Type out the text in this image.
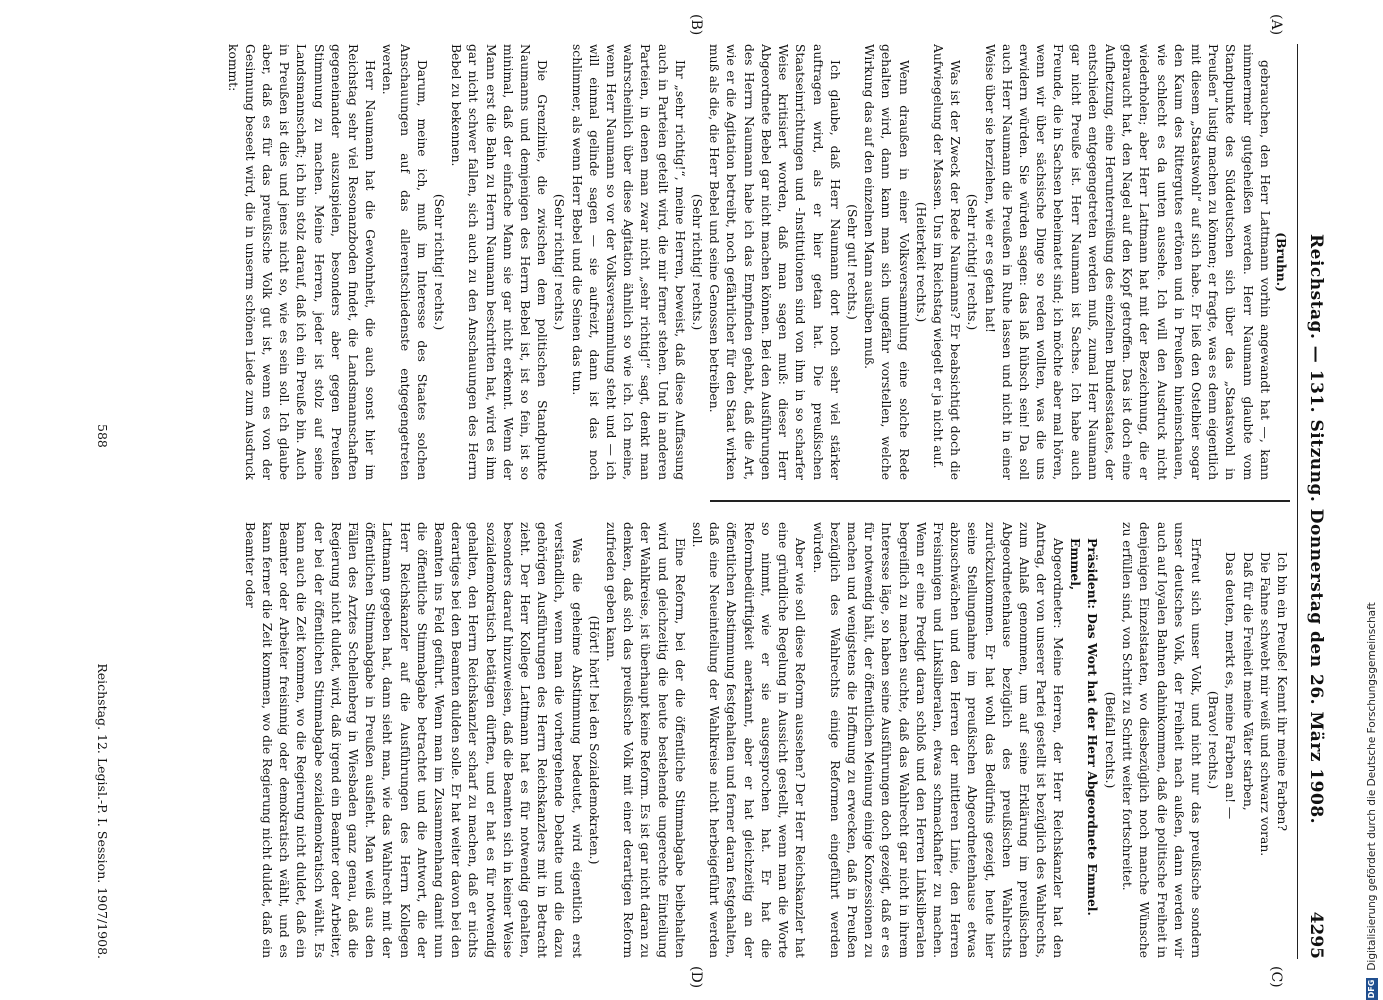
Reichstag. — 131. Sitzung. Donnerstag den 26. März 1908.
4295
(A)
(B)
(C)
(D)

(Bruhn.)

gebrauchen, den Herr Lattmann vorhin angewandt hat —, kann nimmermehr gutgeheißen werden. Herr Naumann glaubte vom Standpunkte des Süddeutschen sich über das „Staatswohl in Preußen“ lustig machen zu können; er fragte, was es denn eigentlich mit diesem „Staatswohl“ auf sich habe. Er ließ den Ostelbier sogar den Kaum des Rittergutes ertönen und in Preußen hineinschauen, wie schlecht es da unten aussehe. Ich will den Ausdruck nicht wiederholen; aber Herr Lattmann hat mit der Bezeichnung, die er gebraucht hat, den Nagel auf den Kopf getroffen. Das ist doch eine Aufhetzung, eine Herunterreißung des einzelnen Bundesstaates, der entschieden entgegengetreten werden muß, zumal Herr Naumann gar nicht Preuße ist. Herr Naumann ist Sachse. Ich habe auch Freunde, die in Sachsen beheimatet sind; ich möchte aber mal hören, wenn wir über sächsische Dinge so reden wollten, was die uns erwidern würden. Sie würden sagen: das laß hübsch sein! Da soll auch Herr Naumann die Preußen in Ruhe lassen und nicht in einer Weise über sie herziehen, wie er es getan hat!

(Sehr richtig! rechts.)

Was ist der Zweck der Rede Naumanns? Er beabsichtigt doch die Aufwiegelung der Massen. Uns im Reichstag wiegelt er ja nicht auf.

(Heiterkeit rechts.)

Wenn draußen in einer Volksversammlung eine solche Rede gehalten wird, dann kann man sich ungefähr vorstellen, welche Wirkung das auf den einzelnen Mann ausüben muß.

(Sehr gut! rechts.)

Ich glaube, daß Herr Naumann dort noch sehr viel stärker auftragen wird, als er hier getan hat. Die preußischen Staatseinrichtungen und -Institutionen sind von ihm in so scharfer Weise kritisiert worden, daß man sagen muß: dieser Herr Abgeordnete Bebel gar nicht machen können. Bei den Ausführungen des Herrn Naumann habe ich das Empfinden gehabt, daß die Art, wie er die Agitation betreibt, noch gefährlicher für den Staat wirken muß als die, die Herr Bebel und seine Genossen betreiben.

(Sehr richtig! rechts.)

Ihr „sehr richtig!“, meine Herren, beweist, daß diese Auffassung auch in Parteien geteilt wird, die mir ferner stehen. Und in anderen Parteien, in denen man zwar nicht „sehr richtig!“ sagt, denkt man wahrscheinlich über diese Agitation ähnlich so wie ich. Ich meine, wenn Herr Naumann so vor der Volksversammlung steht und — ich will einmal gelinde sagen — sie aufreizt, dann ist das noch schlimmer, als wenn Herr Bebel und die Seinen das tun.

(Sehr richtig! rechts.)

Die Grenzlinie, die zwischen dem politischen Standpunkte Naumanns und demjenigen des Herrn Bebel ist, ist so fein, ist so minimal, daß der einfache Mann sie gar nicht erkennt. Wenn der Mann erst die Bahn zu Herrn Naumann beschritten hat, wird es ihm gar nicht schwer fallen, sich auch zu den Anschauungen des Herrn Bebel zu bekennen.

(Sehr richtig! rechts.)

Darum, meine ich, muß im Interesse des Staates solchen Anschauungen auf das allerentschiedenste entgegengetreten werden.

Herr Naumann hat die Gewohnheit, die auch sonst hier im Reichstag sehr viel Resonanzboden findet, die Landsmannschaften gegeneinander auszuspielen, besonders aber gegen Preußen Stimmung zu machen. Meine Herren, jeder ist stolz auf seine Landsmannschaft; ich bin stolz darauf, daß ich ein Preuße bin. Auch in Preußen ist dies und jenes nicht so, wie es sein soll. Ich glaube aber, daß es für das preußische Volk gut ist, wenn es von der Gesinnung beseelt wird, die in unserm schönen Liede zum Ausdruck kommt:

Ich bin ein Preuße! Kennt ihr meine Farben?

Die Fahne schwebt mir weiß und schwarz voran.

Daß für die Freiheit meine Väter starben,

Das deuten, merkt es, meine Farben an! —

(Bravo! rechts.)

Erfreut sich unser Volk, und nicht nur das preußische sondern unser deutsches Volk, der Freiheit nach außen, dann werden wir auch auf loyalen Bahnen dahinkommen, daß die politische Freiheit in denjenigen Einzelstaaten, wo diesbezüglich noch manche Wünsche zu erfüllen sind, von Schritt zu Schritt weiter fortschreitet.

(Beifall rechts.)

Präsident: Das Wort hat der Herr Abgeordnete Emmel.

Emmel,

Abgeordneter: Meine Herren, der Herr Reichskanzler hat den Antrag, der von unserer Partei gestellt ist bezüglich des Wahlrechts, zum Anlaß genommen, um auf seine Erklärung im preußischen Abgeordnetenhause bezüglich des preußischen Wahlrechts zurückzukommen. Er hat wohl das Bedürfnis gezeigt, heute hier seine Stellungnahme im preußischen Abgeordnetenhause etwas abzuschwächen und den Herren der mittleren Linie, den Herren Freisinnigen und Linksliberalen, etwas schmackhafter zu machen. Wenn er eine Predigt daran schloß und den Herren Linksliberalen begreiflich zu machen suchte, daß das Wahlrecht gar nicht in ihrem Interesse läge, so haben seine Ausführungen doch gezeigt, daß er es für notwendig hält, der öffentlichen Meinung einige Konzessionen zu machen und wenigstens die Hoffnung zu erwecken, daß in Preußen bezüglich des Wahlrechts einige Reformen eingeführt werden würden.

Aber wie soll diese Reform aussehen? Der Herr Reichskanzler hat eine gründliche Regelung in Aussicht gestellt, wenn man die Worte so nimmt, wie er sie ausgesprochen hat. Er hat die Reformbedürftigkeit anerkannt, aber er hat gleichzeitig an der öffentlichen Abstimmung festgehalten und ferner daran festgehalten, daß eine Neueinteilung der Wahlkreise nicht herbeigeführt werden soll.

Eine Reform, bei der die öffentliche Stimmabgabe beibehalten wird und gleichzeitig die heute bestehende ungerechte Einteilung der Wahlkreise, ist überhaupt keine Reform. Es ist gar nicht daran zu denken, daß sich das preußische Volk mit einer derartigen Reform zufrieden geben kann.

(Hört! hört! bei den Sozialdemokraten.)

Was die geheime Abstimmung bedeutet, wird eigentlich erst verständlich, wenn man die vorhergehende Debatte und die dazu gehörigen Ausführungen des Herrn Reichskanzlers mit in Betracht zieht. Der Herr Kollege Lattmann hat es für notwendig gehalten, besonders darauf hinzuweisen, daß die Beamten sich in keiner Weise sozialdemokratisch betätigen dürften, und er hat es für notwendig gehalten, den Herrn Reichskanzler scharf zu machen, daß er nichts derartiges bei den Beamten dulden solle. Er hat weiter davon bei den Beamten ins Feld geführt. Wenn man im Zusammenhang damit nun die öffentliche Stimmabgabe betrachtet und die Antwort, die der Herr Reichskanzler auf die Ausführungen des Herrn Kollegen Lattmann gegeben hat, dann sieht man, wie das Wahlrecht mit der öffentlichen Stimmabgabe in Preußen ausfieht. Man weiß aus den Fällen des Arztes Schellenberg in Wiesbaden ganz genau, daß die Regierung nicht duldet, wird, daß irgend ein Beamter oder Arbeiter, der bei der öffentlichen Stimmabgabe sozialdemokratisch wählt. Es kann auch die Zeit kommen, wo die Regierung nicht duldet, daß ein Beamter oder Arbeiter freisinnig oder demokratisch wählt, und es kann ferner die Zeit kommen, wo die Regierung nicht duldet, daß ein Beamter oder

Reichstag. 12. Legisl.-P. I. Session. 1907/1908.
588
DFG Digitalisierung gefördert durch die Deutsche Forschungsgemeinschaft
